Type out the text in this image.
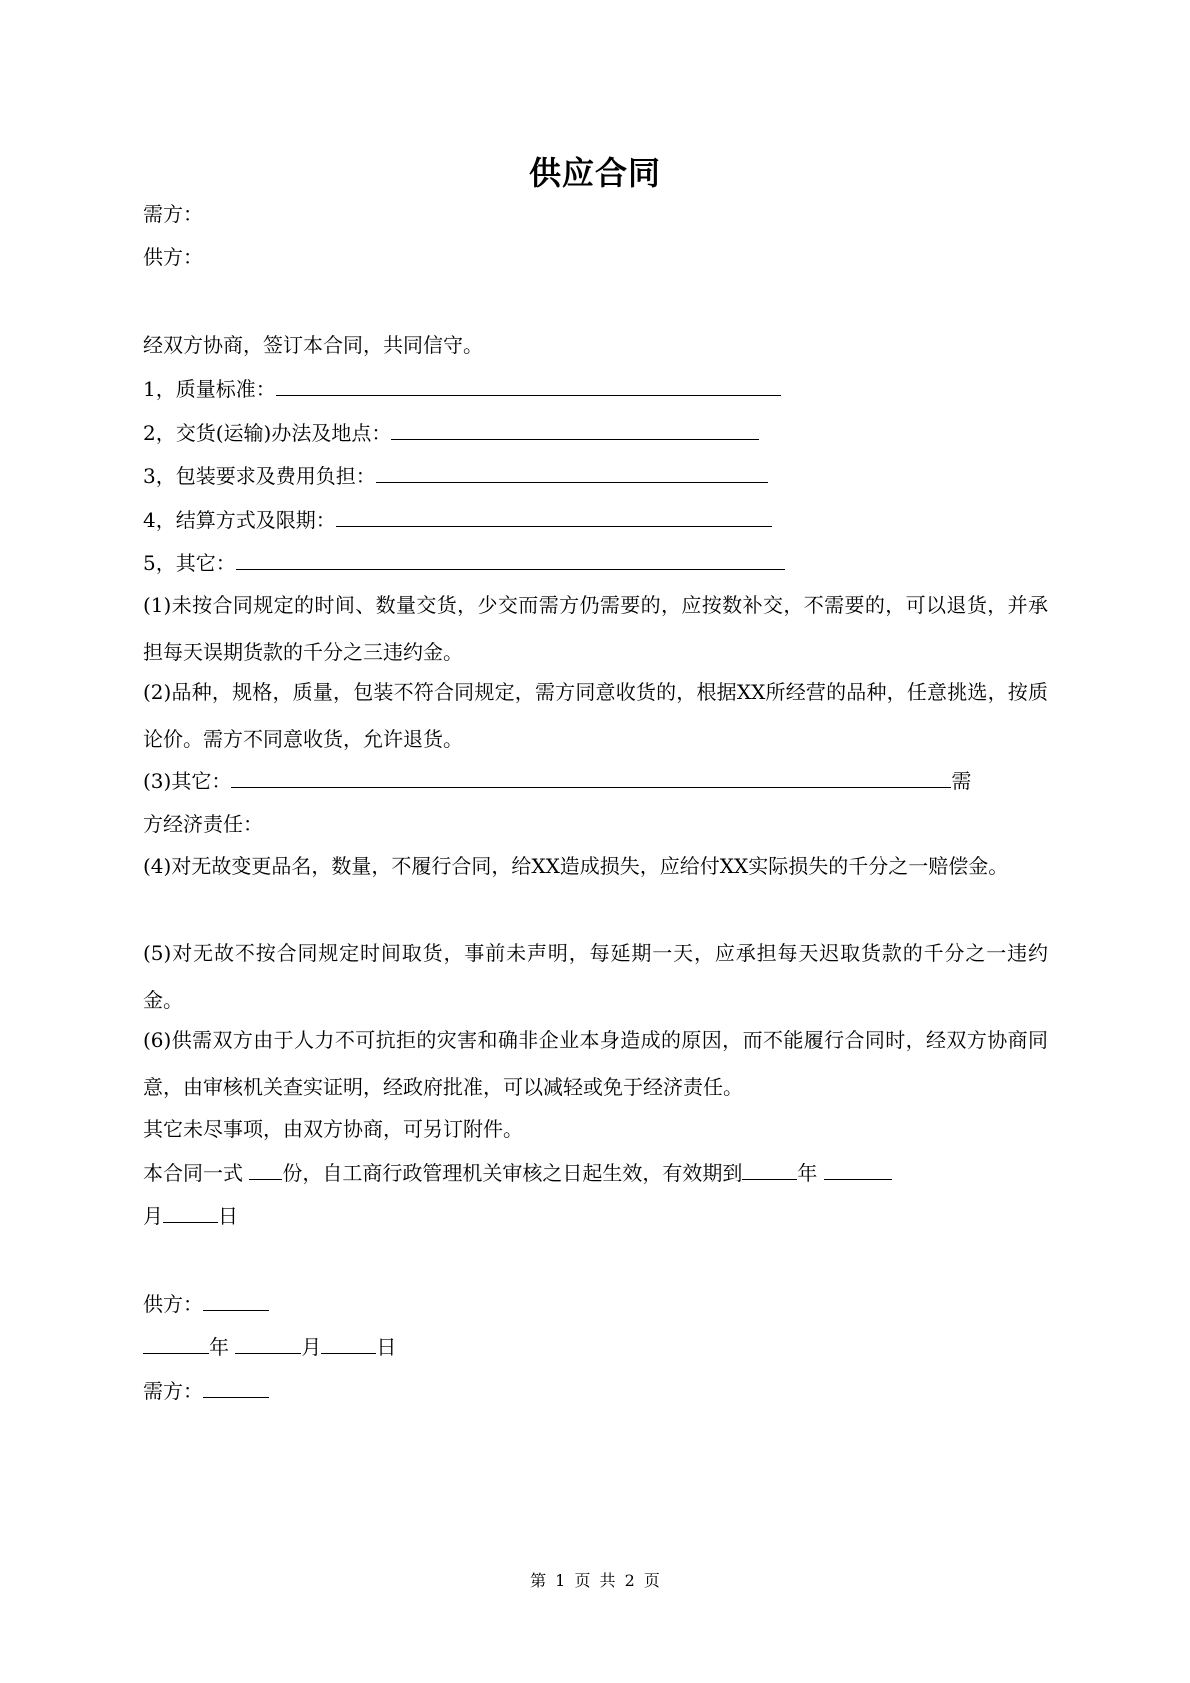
供应合同
需方：
供方：
经双方协商，签订本合同，共同信守。
1，质量标准：
2，交货(运输)办法及地点：
3，包装要求及费用负担：
4，结算方式及限期：
5，其它：
(1)未按合同规定的时间、数量交货，少交而需方仍需要的，应按数补交，不需要的，可以退货，并承担每天误期货款的千分之三违约金。
(2)品种，规格，质量，包装不符合同规定，需方同意收货的，根据XX所经营的品种，任意挑选，按质论价。需方不同意收货，允许退货。
(3)其它：	需
方经济责任：
(4)对无故变更品名，数量，不履行合同，给XX造成损失，应给付XX实际损失的千分之一赔偿金。
(5)对无故不按合同规定时间取货，事前未声明，每延期一天，应承担每天迟取货款的千分之一违约金。
(6)供需双方由于人力不可抗拒的灾害和确非企业本身造成的原因，而不能履行合同时，经双方协商同意，由审核机关查实证明，经政府批准，可以减轻或免于经济责任。
其它未尽事项，由双方协商，可另订附件。
本合同一式 份，自工商行政管理机关审核之日起生效，有效期到	年
月	日
供方：
年	月	日
需方：
第 1 页 共 2 页
